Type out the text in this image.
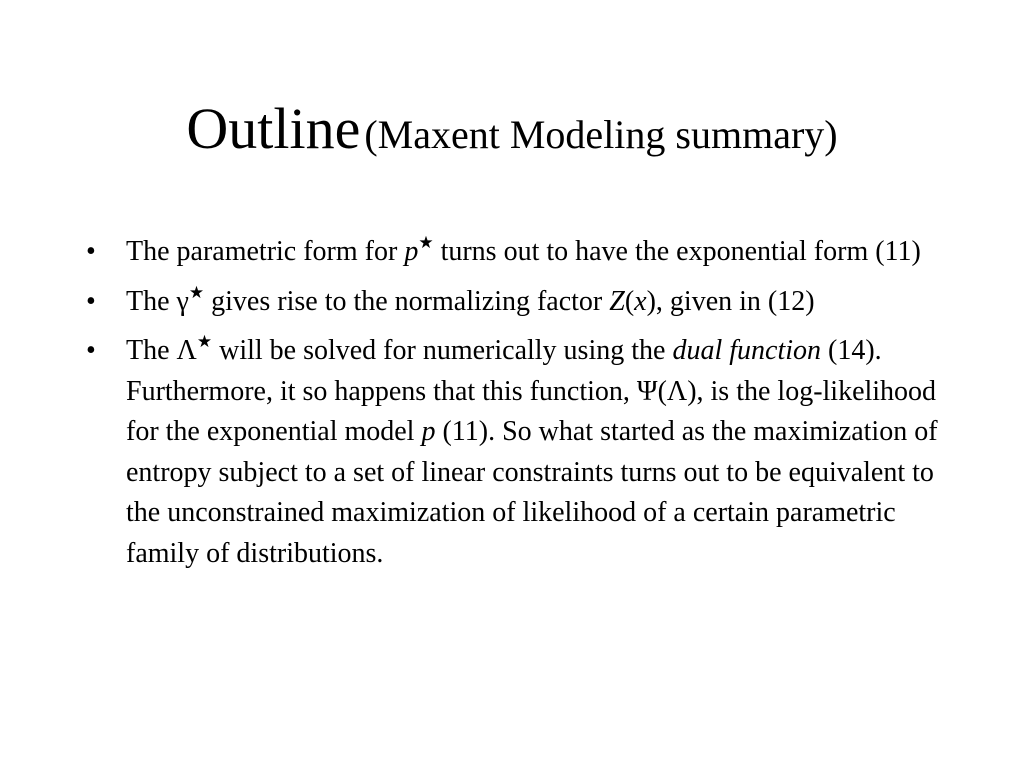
Outline (Maxent Modeling summary)
• The parametric form for p★ turns out to have the exponential form (11)
• The γ★ gives rise to the normalizing factor Z(x), given in (12)
• The Λ★ will be solved for numerically using the dual function (14). Furthermore, it so happens that this function, Ψ(Λ), is the log-likelihood for the exponential model p (11). So what started as the maximization of entropy subject to a set of linear constraints turns out to be equivalent to the unconstrained maximization of likelihood of a certain parametric family of distributions.
